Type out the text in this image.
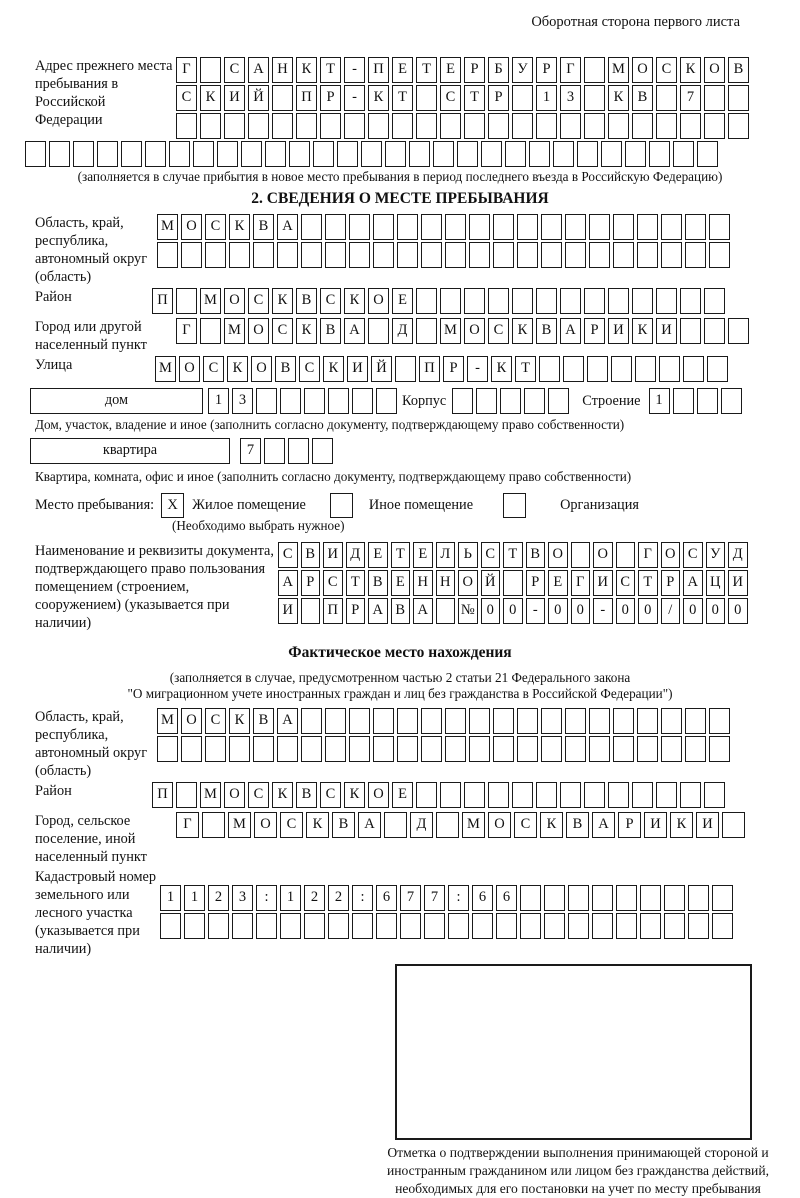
Оборотная сторона первого листа
Адрес прежнего места пребывания в Российской Федерации
Г	С А Н К	Т	-	П Е	Т	Е	Р	Б	У	Р	Г	М О С К О В
С К И Й	П	Р	-	К	Т	С	Т	Р	1	3	К В	7
(заполняется в случае прибытия в новое место пребывания в период последнего въезда в Российскую Федерацию)
2. СВЕДЕНИЯ О МЕСТЕ ПРЕБЫВАНИЯ
Область, край, республика, автономный округ (область)
М О С К В А
Район	П	М О С К В С К О Е
Город или другой населенный пункт
Г	М О С К В А	Д	М О С К В А	Р	И К И
Улица	М О С К О В С К И Й	П	Р	-	К	Т
дом	1	3	Корпус	Строение	1
Дом, участок, владение и иное (заполнить согласно документу, подтверждающему право собственности)
квартира	7
Квартира, комната, офис и иное (заполнить согласно документу, подтверждающему право собственности)
Место пребывания: X Жилое помещение	Иное помещение	Организация
(Необходимо выбрать нужное)
Наименование и реквизиты документа, подтверждающего право пользования помещением (строением, сооружением) (указывается при наличии)
С В И Д Е Т Е Л Ь С Т В О	О	Г О С У Д
А Р С Т В Е Н Н О Й	Р Е Г И С Т Р А Ц И
И	П Р А В А	№ 0	0	-	0	0	-	0	0	/	0	0	0
Фактическое место нахождения
(заполняется в случае, предусмотренном частью 2 статьи 21 Федерального закона
"О миграционном учете иностранных граждан и лиц без гражданства в Российской Федерации")
Область, край, республика, автономный округ (область)
М О С К В А
Район	П	М О С К В С К О Е
Город, сельское поселение, иной населенный пункт
Г	М О	С	К	В	А	Д	М О	С	К	В	А	Р	И	К	И
Кадастровый номер земельного или лесного участка (указывается при наличии)
1	1	2	3	:	1	2	2	:	6	7	7	:	6	6
Отметка о подтверждении выполнения принимающей стороной и иностранным гражданином или лицом без гражданства действий, необходимых для его постановки на учет по месту пребывания
